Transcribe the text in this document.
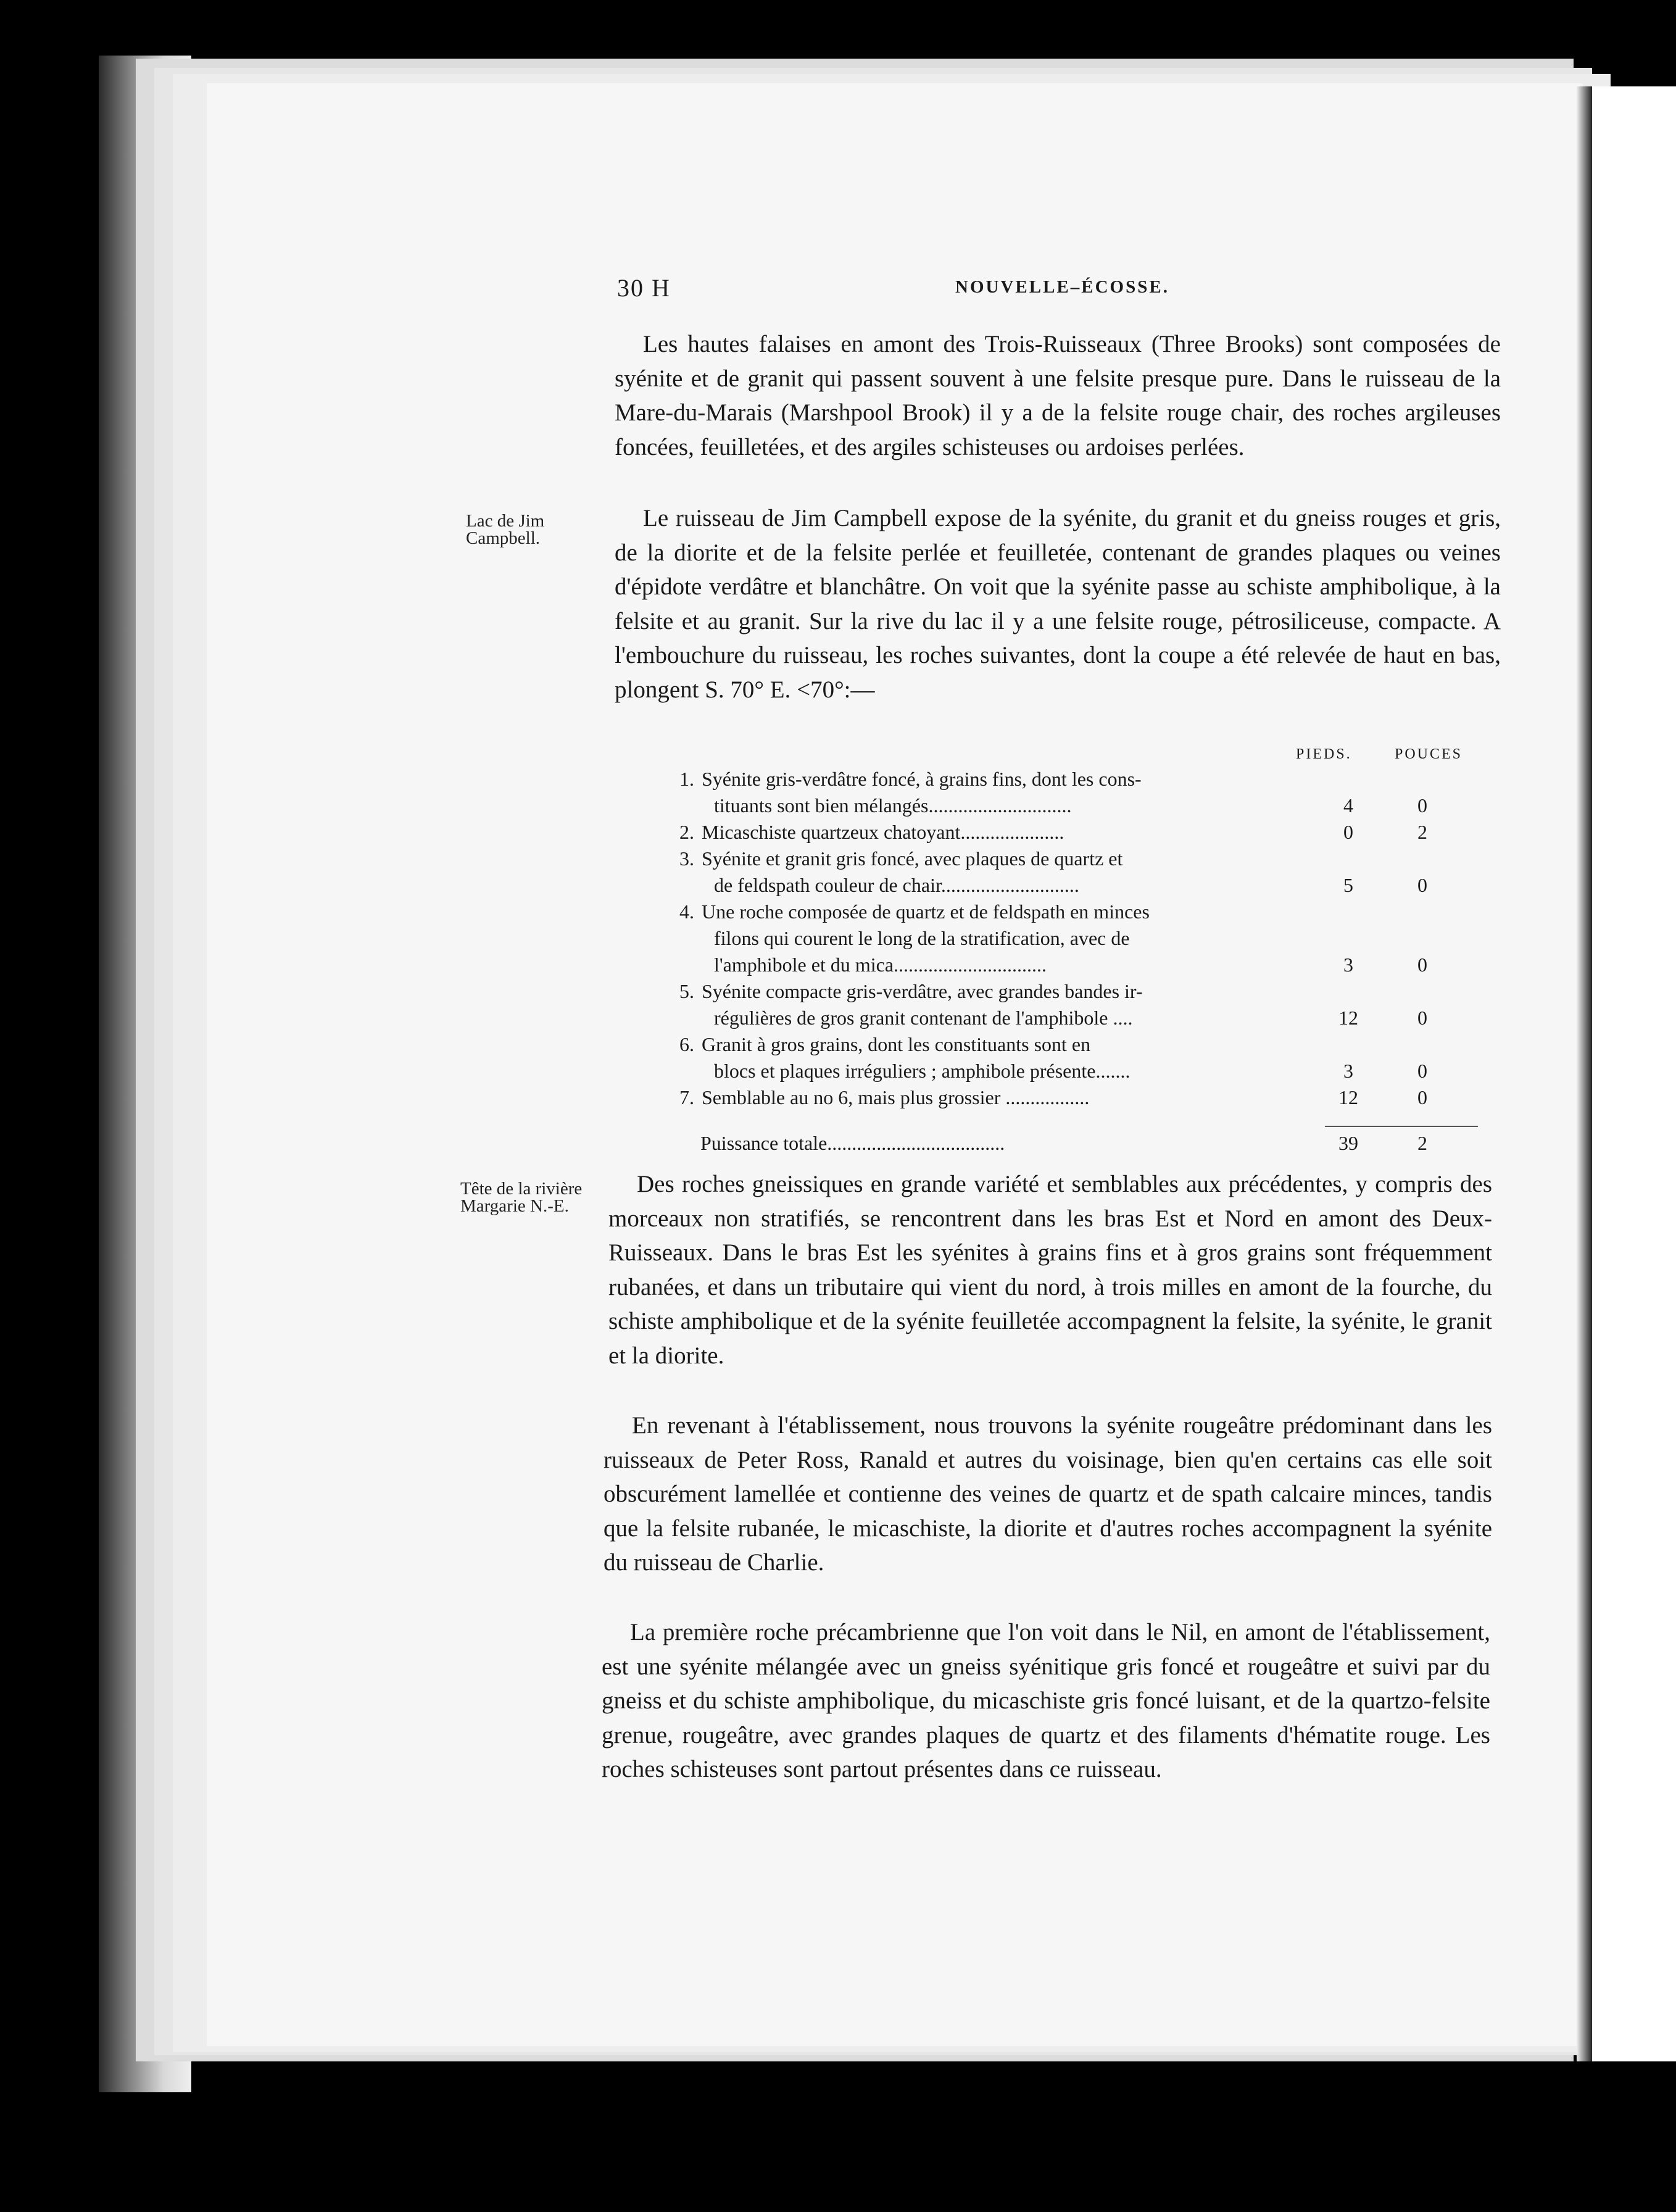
30 H	NOUVELLE–ÉCOSSE.

Les hautes falaises en amont des Trois-Ruisseaux (Three Brooks) sont composées de syénite et de granit qui passent souvent à une felsite presque pure. Dans le ruisseau de la Mare-du-Marais (Marshpool Brook) il y a de la felsite rouge chair, des roches argileuses foncées, feuilletées, et des argiles schisteuses ou ardoises perlées.

Lac de Jim Campbell.

Le ruisseau de Jim Campbell expose de la syénite, du granit et du gneiss rouges et gris, de la diorite et de la felsite perlée et feuilletée, contenant de grandes plaques ou veines d'épidote verdâtre et blanchâtre. On voit que la syénite passe au schiste amphibolique, à la felsite et au granit. Sur la rive du lac il y a une felsite rouge, pétrosiliceuse, compacte. A l'embouchure du ruisseau, les roches suivantes, dont la coupe a été relevée de haut en bas, plongent S. 70° E. <70°:—

PIEDS.	POUCES
1. Syénite gris-verdâtre foncé, à grains fins, dont les cons-
tituants sont bien mélangés.............................	4	0
2. Micaschiste quartzeux chatoyant.....................	0	2
3. Syénite et granit gris foncé, avec plaques de quartz et
de feldspath couleur de chair............................	5	0
4. Une roche composée de quartz et de feldspath en minces
filons qui courent le long de la stratification, avec de
l'amphibole et du mica...............................	3	0
5. Syénite compacte gris-verdâtre, avec grandes bandes ir-
régulières de gros granit contenant de l'amphibole ....	12	0
6. Granit à gros grains, dont les constituants sont en
blocs et plaques irréguliers ; amphibole présente.......	3	0
7. Semblable au no 6, mais plus grossier .................	12	0
Puissance totale....................................	39	2
Tête de la rivière Margarie N.-E.

Des roches gneissiques en grande variété et semblables aux précédentes, y compris des morceaux non stratifiés, se rencontrent dans les bras Est et Nord en amont des Deux-Ruisseaux. Dans le bras Est les syénites à grains fins et à gros grains sont fréquemment rubanées, et dans un tributaire qui vient du nord, à trois milles en amont de la fourche, du schiste amphibolique et de la syénite feuilletée accompagnent la felsite, la syénite, le granit et la diorite.

En revenant à l'établissement, nous trouvons la syénite rougeâtre prédominant dans les ruisseaux de Peter Ross, Ranald et autres du voisinage, bien qu'en certains cas elle soit obscurément lamellée et contienne des veines de quartz et de spath calcaire minces, tandis que la felsite rubanée, le micaschiste, la diorite et d'autres roches accompagnent la syénite du ruisseau de Charlie.

La première roche précambrienne que l'on voit dans le Nil, en amont de l'établissement, est une syénite mélangée avec un gneiss syénitique gris foncé et rougeâtre et suivi par du gneiss et du schiste amphibolique, du micaschiste gris foncé luisant, et de la quartzo-felsite grenue, rougeâtre, avec grandes plaques de quartz et des filaments d'hématite rouge. Les roches schisteuses sont partout présentes dans ce ruisseau.
